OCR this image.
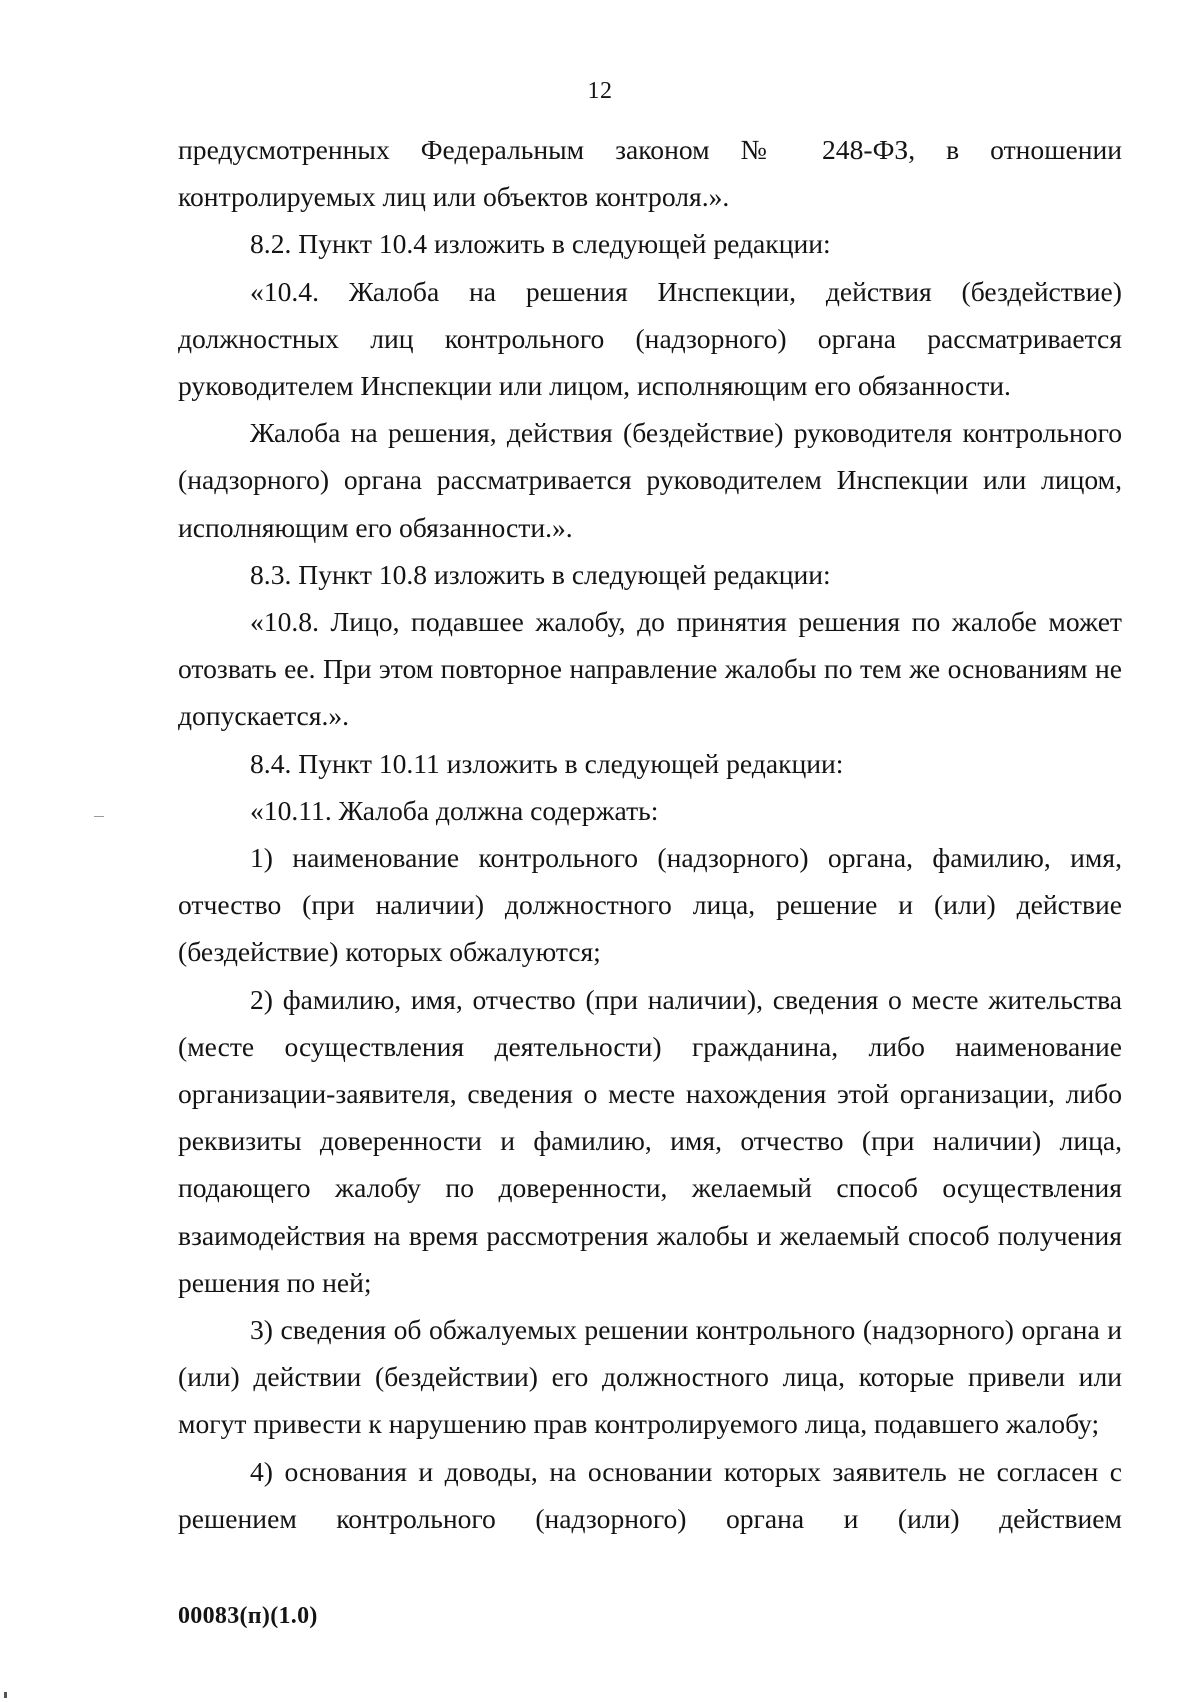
12

предусмотренных Федеральным законом № 248-ФЗ, в отношении контролируемых лиц или объектов контроля.».

8.2. Пункт 10.4 изложить в следующей редакции:

«10.4. Жалоба на решения Инспекции, действия (бездействие) должностных лиц контрольного (надзорного) органа рассматривается руководителем Инспекции или лицом, исполняющим его обязанности.

Жалоба на решения, действия (бездействие) руководителя контрольного (надзорного) органа рассматривается руководителем Инспекции или лицом, исполняющим его обязанности.».

8.3. Пункт 10.8 изложить в следующей редакции:

«10.8. Лицо, подавшее жалобу, до принятия решения по жалобе может отозвать ее. При этом повторное направление жалобы по тем же основаниям не допускается.».

8.4. Пункт 10.11 изложить в следующей редакции:

«10.11. Жалоба должна содержать:

1) наименование контрольного (надзорного) органа, фамилию, имя, отчество (при наличии) должностного лица, решение и (или) действие (бездействие) которых обжалуются;

2) фамилию, имя, отчество (при наличии), сведения о месте жительства (месте осуществления деятельности) гражданина, либо наименование организации-заявителя, сведения о месте нахождения этой организации, либо реквизиты доверенности и фамилию, имя, отчество (при наличии) лица, подающего жалобу по доверенности, желаемый способ осуществления взаимодействия на время рассмотрения жалобы и желаемый способ получения решения по ней;

3) сведения об обжалуемых решении контрольного (надзорного) органа и (или) действии (бездействии) его должностного лица, которые привели или могут привести к нарушению прав контролируемого лица, подавшего жалобу;

4) основания и доводы, на основании которых заявитель не согласен с решением контрольного (надзорного) органа и (или) действием

00083(п)(1.0)
